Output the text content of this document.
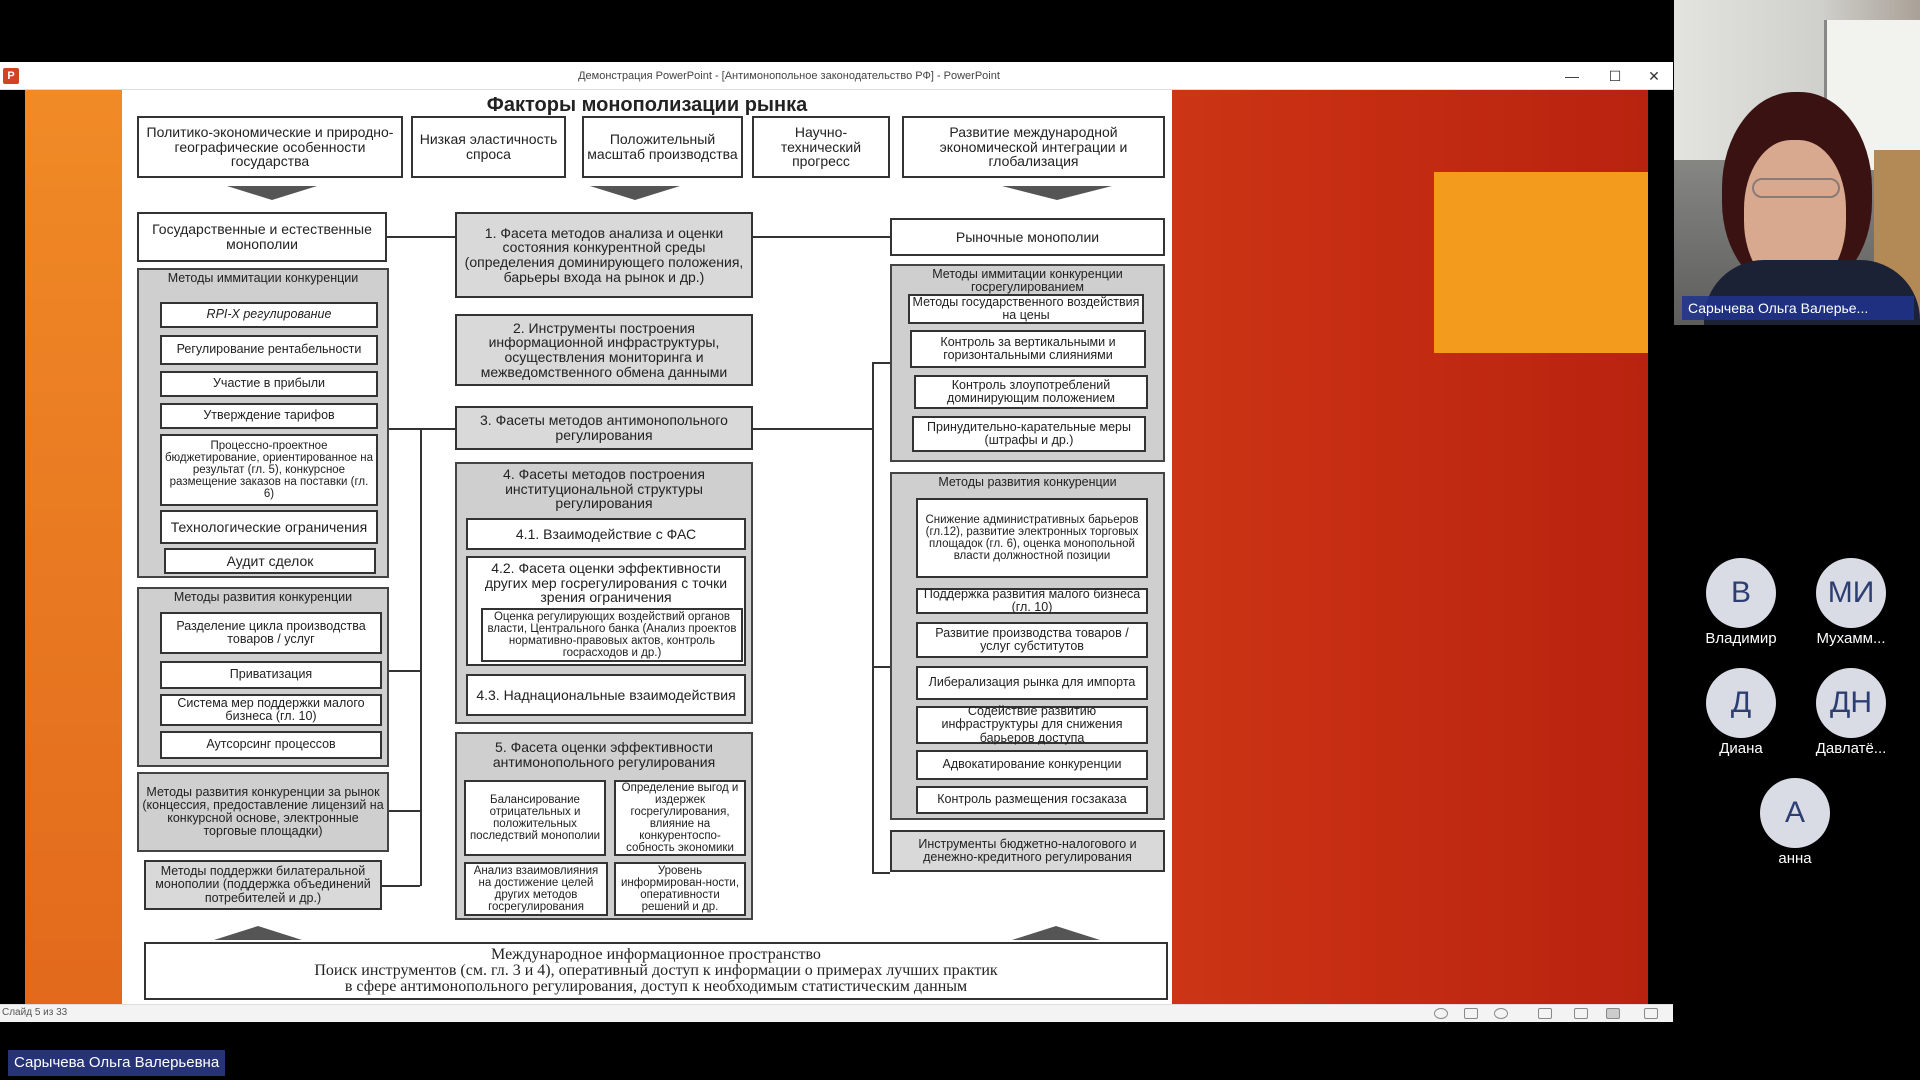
P	Демонстрация PowerPoint - [Антимонопольное законодательство РФ] - PowerPoint	—	☐	✕
Факторы монополизации рынка
Политико-экономические и природно-географические особенности государства
Низкая эластичность спроса
Положительный масштаб производства
Научно-технический прогресс
Развитие международной экономической интеграции и глобализация
Государственные и естественные монополии
Методы иммитации конкуренции
RPI-X регулирование
Регулирование рентабельности
Участие в прибыли
Утверждение тарифов
Процессно-проектное бюджетирование, ориентированное на результат (гл. 5), конкурсное размещение заказов на поставки (гл. 6)
Технологические ограничения
Аудит сделок
Методы развития конкуренции
Разделение цикла производства товаров / услуг
Приватизация
Система мер поддержки малого бизнеса (гл. 10)
Аутсорсинг процессов
Методы развития конкуренции за рынок (концессия, предоставление лицензий на конкурсной основе, электронные торговые площадки)
Методы поддержки билатеральной монополии (поддержка объединений потребителей и др.)
1. Фасета методов анализа и оценки состояния конкурентной среды (определения доминирующего положения, барьеры входа на рынок и др.)
2. Инструменты построения информационной инфраструктуры, осуществления мониторинга и межведомственного обмена данными
3. Фасеты методов антимонопольного регулирования
4. Фасеты методов построения институциональной структуры регулирования
4.1. Взаимодействие с ФАС
4.2. Фасета оценки эффективности других мер госрегулирования с точки зрения ограничения
Оценка регулирующих воздействий органов власти, Центрального банка (Анализ проектов нормативно-правовых актов, контроль госрасходов и др.)
4.3. Наднациональные взаимодействия
5. Фасета оценки эффективности антимонопольного регулирования
Балансирование отрицательных и положительных последствий монополии
Определение выгод и издержек госрегулирования, влияние на конкурентоспо-собность экономики
Анализ взаимовлияния на достижение целей других методов госрегулирования
Уровень информирован-ности, оперативности решений и др.
Рыночные монополии
Методы иммитации конкуренции госрегулированием
Методы государственного воздействия на цены
Контроль за вертикальными и горизонтальными слияниями
Контроль злоупотреблений доминирующим положением
Принудительно-карательные меры (штрафы и др.)
Методы развития конкуренции
Снижение административных барьеров (гл.12), развитие электронных торговых площадок (гл. 6), оценка монопольной власти должностной позиции
Поддержка развития малого бизнеса (гл. 10)
Развитие производства товаров / услуг субститутов
Либерализация рынка для импорта
Содействие развитию инфраструктуры для снижения барьеров доступа
Адвокатирование конкуренции
Контроль размещения госзаказа
Инструменты бюджетно-налогового и денежно-кредитного регулирования
Международное информационное пространство
Поиск инструментов (см. гл. 3 и 4), оперативный доступ к информации о примерах лучших практик
в сфере антимонопольного регулирования, доступ к необходимым статистическим данным
Слайд 5 из 33
Сарычева Ольга Валерье...
В
Владимир
МИ
Мухамм...
Д
Диана
ДН
Давлатё...
А
анна
Сарычева Ольга Валерьевна
